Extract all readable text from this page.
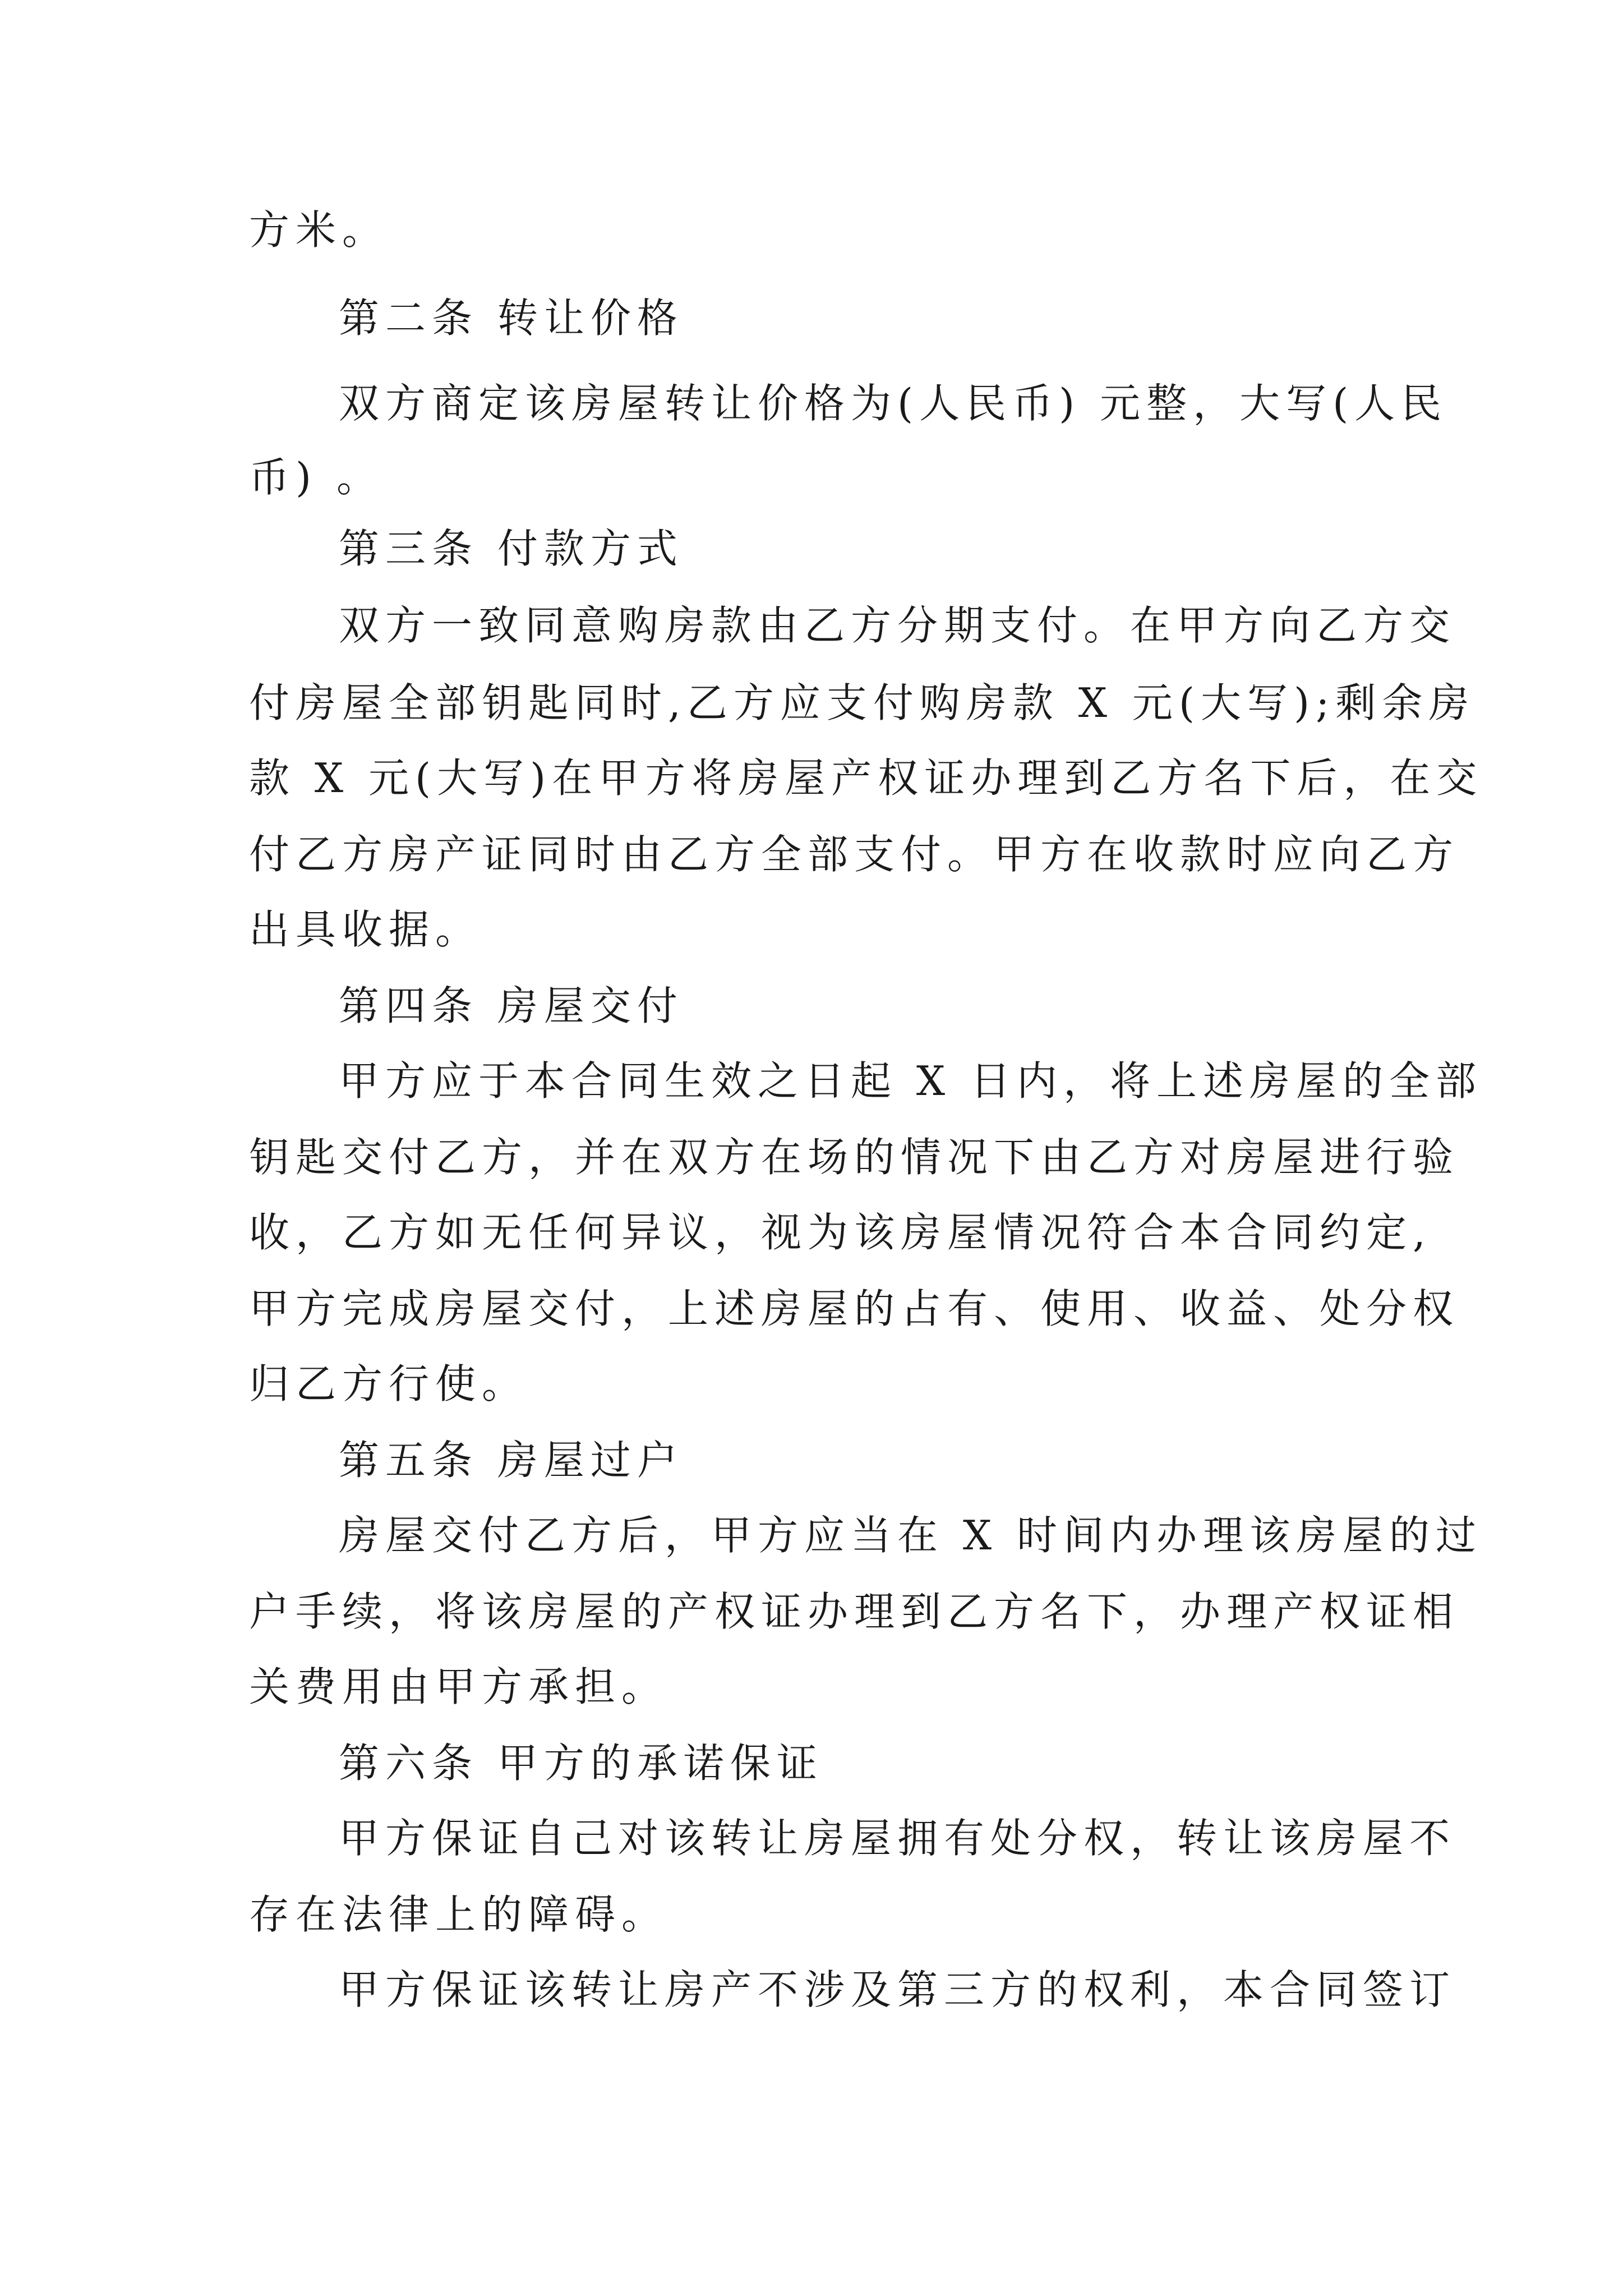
方米。
第二条 转让价格
双方商定该房屋转让价格为(人民币) 元整，大写(人民
币) 。
第三条 付款方式
双方一致同意购房款由乙方分期支付。在甲方向乙方交
付房屋全部钥匙同时,乙方应支付购房款 X 元(大写);剩余房
款 X 元(大写)在甲方将房屋产权证办理到乙方名下后，在交
付乙方房产证同时由乙方全部支付。甲方在收款时应向乙方
出具收据。
第四条 房屋交付
甲方应于本合同生效之日起 X 日内，将上述房屋的全部
钥匙交付乙方，并在双方在场的情况下由乙方对房屋进行验
收，乙方如无任何异议，视为该房屋情况符合本合同约定,
甲方完成房屋交付，上述房屋的占有、使用、收益、处分权
归乙方行使。
第五条 房屋过户
房屋交付乙方后，甲方应当在 X 时间内办理该房屋的过
户手续，将该房屋的产权证办理到乙方名下，办理产权证相
关费用由甲方承担。
第六条 甲方的承诺保证
甲方保证自己对该转让房屋拥有处分权，转让该房屋不
存在法律上的障碍。
甲方保证该转让房产不涉及第三方的权利，本合同签订
